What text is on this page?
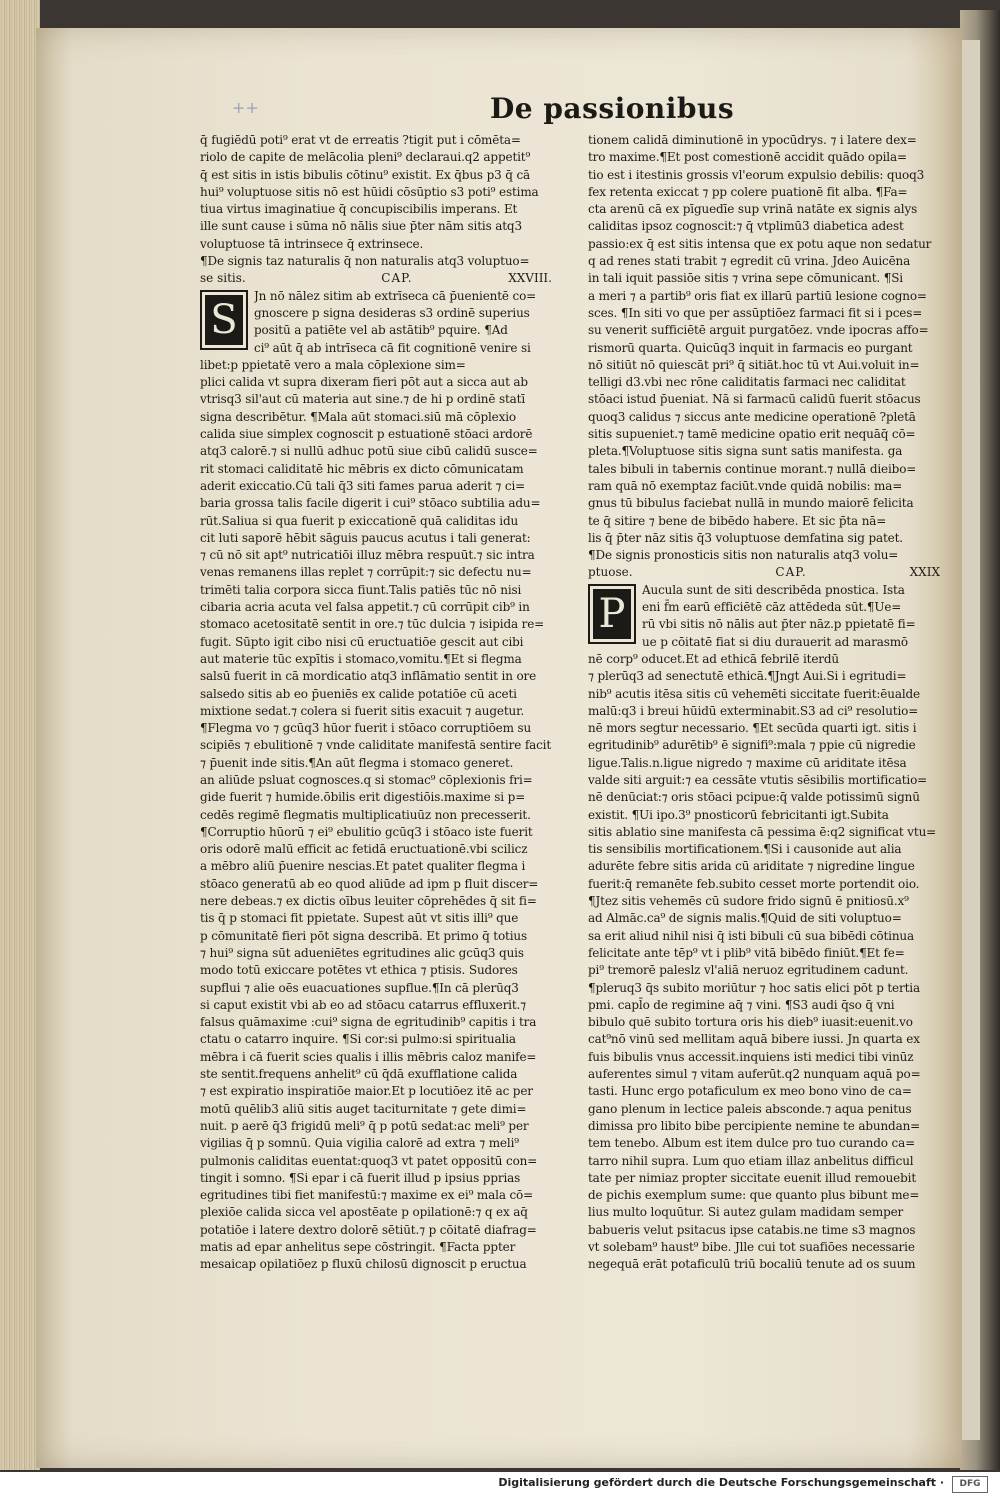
++	De passionibus
q̄ fugiēdū poti⁹ erat vt de erreatis ?tigit put i cōmēta=
riolo de capite de melācolia pleni⁹ declaraui.q2 appetit⁹
q̄ est sitis in istis bibulis cōtinu⁹ existit. Ex q̄bus p3 q̄ cā
hui⁹ voluptuose sitis nō est hūidi cōsūptio s3 poti⁹ estima
tiua virtus imaginatiue q̄ concupiscibilis imperans. Et
ille sunt cause i sūma nō nālis siue p̄ter nām sitis atq3
voluptuose tā intrinsece q̄ extrinsece.
¶De signis taz naturalis q̄ non naturalis atq3 voluptuo=
se sitis.	CAP.	XXVIII.
S
Jn nō nālez sitim ab extrīseca cā p̄uenientē co=
gnoscere p signa desideras s3 ordinē superius
positū a patiēte vel ab astātib⁹ pquire. ¶Ad
ci⁹ aūt q̄ ab intrīseca cā fit cognitionē venire si
libet:p ppietatē vero a mala cōplexione sim=
plici calida vt supra dixeram fieri pōt aut a sicca aut ab
vtrisq3 sil'aut cū materia aut sine.⁊ de hi p ordinē statī
signa describētur. ¶Mala aūt stomaci.siū mā cōplexio
calida siue simplex cognoscit p estuationē stōaci ardorē
atq3 calorē.⁊ si nullū adhuc potū siue cibū calidū susce=
rit stomaci caliditatē hic mēbris ex dicto cōmunicatam
aderit exiccatio.Cū tali q̄3 siti fames parua aderit ⁊ ci=
baria grossa talis facile digerit i cui⁹ stōaco subtilia adu=
rūt.Saliua si qua fuerit p exiccationē quā caliditas idu
cit luti saporē hēbit sāguis paucus acutus i tali generat:
⁊ cū nō sit apt⁹ nutricatiōi illuz mēbra respuūt.⁊ sic intra
venas remanens illas replet ⁊ corrūpit:⁊ sic defectu nu=
trimēti talia corpora sicca fiunt.Talis patiēs tūc nō nisi
cibaria acria acuta vel falsa appetit.⁊ cū corrūpit cib⁹ in
stomaco acetositatē sentit in ore.⁊ tūc dulcia ⁊ isipida re=
fugit. Sūpto igit cibo nisi cū eructuatiōe gescit aut cibi
aut materie tūc expītis i stomaco,vomitu.¶Et si flegma
salsū fuerit in cā mordicatio atq3 inflāmatio sentit in ore
salsedo sitis ab eo p̄ueniēs ex calide potatiōe cū aceti
mixtione sedat.⁊ colera si fuerit sitis exacuit ⁊ augetur.
¶Flegma vo ⁊ gcūq3 hūor fuerit i stōaco corruptiōem su
scipiēs ⁊ ebulitionē ⁊ vnde caliditate manifestā sentire facit
⁊ p̄uenit inde sitis.¶An aūt flegma i stomaco generet.
an aliūde psluat cognosces.q si stomac⁹ cōplexionis fri=
gide fuerit ⁊ humide.ōbilis erit digestiōis.maxime si p=
cedēs regimē flegmatis multiplicatiuūz non precesserit.
¶Corruptio hūorū ⁊ ei⁹ ebulitio gcūq3 i stōaco iste fuerit
oris odorē malū efficit ac fetidā eructuationē.vbi scilicz
a mēbro aliū p̄uenire nescias.Et patet qualiter flegma i
stōaco generatū ab eo quod aliūde ad ipm p fluit discer=
nere debeas.⁊ ex dictis oībus leuiter cōprehēdes q̄ sit fi=
tis q̄ p stomaci fit ppietate. Supest aūt vt sitis illi⁹ que
p cōmunitatē fieri pōt signa describā. Et primo q̄ totius
⁊ hui⁹ signa sūt adueniētes egritudines alic gcūq3 quis
modo totū exiccare potētes vt ethica ⁊ ptisis. Sudores
supflui ⁊ alie oēs euacuationes supflue.¶In cā plerūq3
si caput existit vbi ab eo ad stōacu catarrus effluxerit.⁊
falsus quāmaxime :cui⁹ signa de egritudinib⁹ capitis i tra
ctatu o catarro inquire. ¶Si cor:si pulmo:si spiritualia
mēbra i cā fuerit scies qualis i illis mēbris caloz manife=
ste sentit.frequens anhelit⁹ cū q̄dā exufflatione calida
⁊ est expiratio inspiratiōe maior.Et p locutiōez itē ac per
motū quēlib3 aliū sitis auget taciturnitate ⁊ gete dimi=
nuit. p aerē q̄3 frigidū meli⁹ q̄ p potū sedat:ac meli⁹ per
vigilias q̄ p somnū. Quia vigilia calorē ad extra ⁊ meli⁹
pulmonis caliditas euentat:quoq3 vt patet oppositū con=
tingit i somno. ¶Si epar i cā fuerit illud p ipsius pprias
egritudines tibi fiet manifestū:⁊ maxime ex ei⁹ mala cō=
plexiōe calida sicca vel apostēate p opilationē:⁊ q ex aq̄
potatiōe i latere dextro dolorē sētiūt.⁊ p cōitatē diafrag=
matis ad epar anhelitus sepe cōstringit. ¶Facta ppter
mesaicap opilatiōez p fluxū chilosū dignoscit p eructua
tionem calidā diminutionē in ypocūdrys. ⁊ i latere dex=
tro maxime.¶Et post comestionē accidit quādo opila=
tio est i itestinis grossis vl'eorum expulsio debilis: quoq3
fex retenta exiccat ⁊ pp colere puationē fit alba. ¶Fa=
cta arenū cā ex pīguedīe sup vrinā natāte ex signis alys
caliditas ipsoz cognoscit:⁊ q̄ vtplimū3 diabetica adest
passio:ex q̄ est sitis intensa que ex potu aque non sedatur
q ad renes stati trabit ⁊ egredit cū vrina. Jdeo Auicēna
in tali iquit passiōe sitis ⁊ vrina sepe cōmunicant. ¶Si
a meri ⁊ a partib⁹ oris fiat ex illarū partiū lesione cogno=
sces. ¶In siti vo que per assūptiōez farmaci fit si i pces=
su venerit sufficiētē arguit purgatōez. vnde ipocras affo=
rismorū quarta. Quicūq3 inquit in farmacis eo purgant
nō sitiūt nō quiescāt pri⁹ q̄ sitiāt.hoc tū vt Aui.voluit in=
telligi d3.vbi nec rōne caliditatis farmaci nec caliditat
stōaci istud p̄ueniat. Nā si farmacū calidū fuerit stōacus
quoq3 calidus ⁊ siccus ante medicine operationē ?pletā
sitis supueniet.⁊ tamē medicine opatio erit nequāq̄ cō=
pleta.¶Voluptuose sitis signa sunt satis manifesta. ga
tales bibuli in tabernis continue morant.⁊ nullā dieibo=
ram quā nō exemptaz faciūt.vnde quidā nobilis: ma=
gnus tū bibulus faciebat nullā in mundo maiorē felicita
te q̄ sitire ⁊ bene de bibēdo habere. Et sic p̄ta nā=
lis q̄ p̄ter nāz sitis q̄3 voluptuose demfatina sig patet.
¶De signis pronosticis sitis non naturalis atq3 volu=
ptuose.	CAP.	XXIX
P
Aucula sunt de siti describēda pnostica. Ista
eni f̄m earū efficiētē cāz attēdeda sūt.¶Ue=
rū vbi sitis nō nālis aut p̄ter nāz.p ppietatē fi=
ue p cōitatē fiat si diu durauerit ad marasmō
nē corp⁹ oducet.Et ad ethicā febrilē iterdū
⁊ plerūq3 ad senectutē ethicā.¶Jngt Aui.Si i egritudi=
nib⁹ acutis itēsa sitis cū vehemēti siccitate fuerit:ēualde
malū:q3 i breui hūidū exterminabit.S3 ad ci⁹ resolutio=
nē mors segtur necessario. ¶Et secūda quarti igt. sitis i
egritudinib⁹ adurētib⁹ ē signifi⁹:mala ⁊ ppie cū nigredie
ligue.Talis.n.ligue nigredo ⁊ maxime cū ariditate itēsa
valde siti arguit:⁊ ea cessāte vtutis sēsibilis mortificatio=
nē denūciat:⁊ oris stōaci pcipue:q̄ valde potissimū signū
existit. ¶Ui ipo.3⁹ pnosticorū febricitanti igt.Subita
sitis ablatio sine manifesta cā pessima ē:q2 significat vtu=
tis sensibilis mortificationem.¶Si i causonide aut alia
adurēte febre sitis arida cū ariditate ⁊ nigredine lingue
fuerit:q̄ remanēte feb.subito cesset morte portendit oio.
¶Jtez sitis vehemēs cū sudore frido signū ē pnitiosū.x⁹
ad Almāc.ca⁹ de signis malis.¶Quid de siti voluptuo=
sa erit aliud nihil nisi q̄ isti bibuli cū sua bibēdi cōtinua
felicitate ante tēp⁹ vt i plib⁹ vitā bibēdo finiūt.¶Et fe=
pi⁹ tremorē paleslz vl'aliā neruoz egritudinem cadunt.
¶pleruq3 q̄s subito moriūtur ⁊ hoc satis elici pōt p tertia
pmi. capl̄o de regimine aq̄ ⁊ vini. ¶S3 audi q̄so q̄ vni
bibulo quē subito tortura oris his dieb⁹ iuasit:euenit.vo
cat⁹nō vinū sed mellitam aquā bibere iussi. Jn quarta ex
fuis bibulis vnus accessit.inquiens isti medici tibi vinūz
auferentes simul ⁊ vitam auferūt.q2 nunquam aquā po=
tasti. Hunc ergo potaficulum ex meo bono vino de ca=
gano plenum in lectice paleis absconde.⁊ aqua penitus
dimissa pro libito bibe percipiente nemine te abundan=
tem tenebo. Album est item dulce pro tuo curando ca=
tarro nihil supra. Lum quo etiam illaz anbelitus difficul
tate per nimiaz propter siccitate euenit illud remouebit
de pichis exemplum sume: que quanto plus bibunt me=
lius multo loquūtur. Si autez gulam madidam semper
babueris velut psitacus ipse catabis.ne time s3 magnos
vt solebam⁹ haust⁹ bibe. Jlle cui tot suafiōes necessarie
negequā erāt potaficulū triū bocaliū tenute ad os suum
Digitalisierung gefördert durch die Deutsche Forschungsgemeinschaft ·	DFG
